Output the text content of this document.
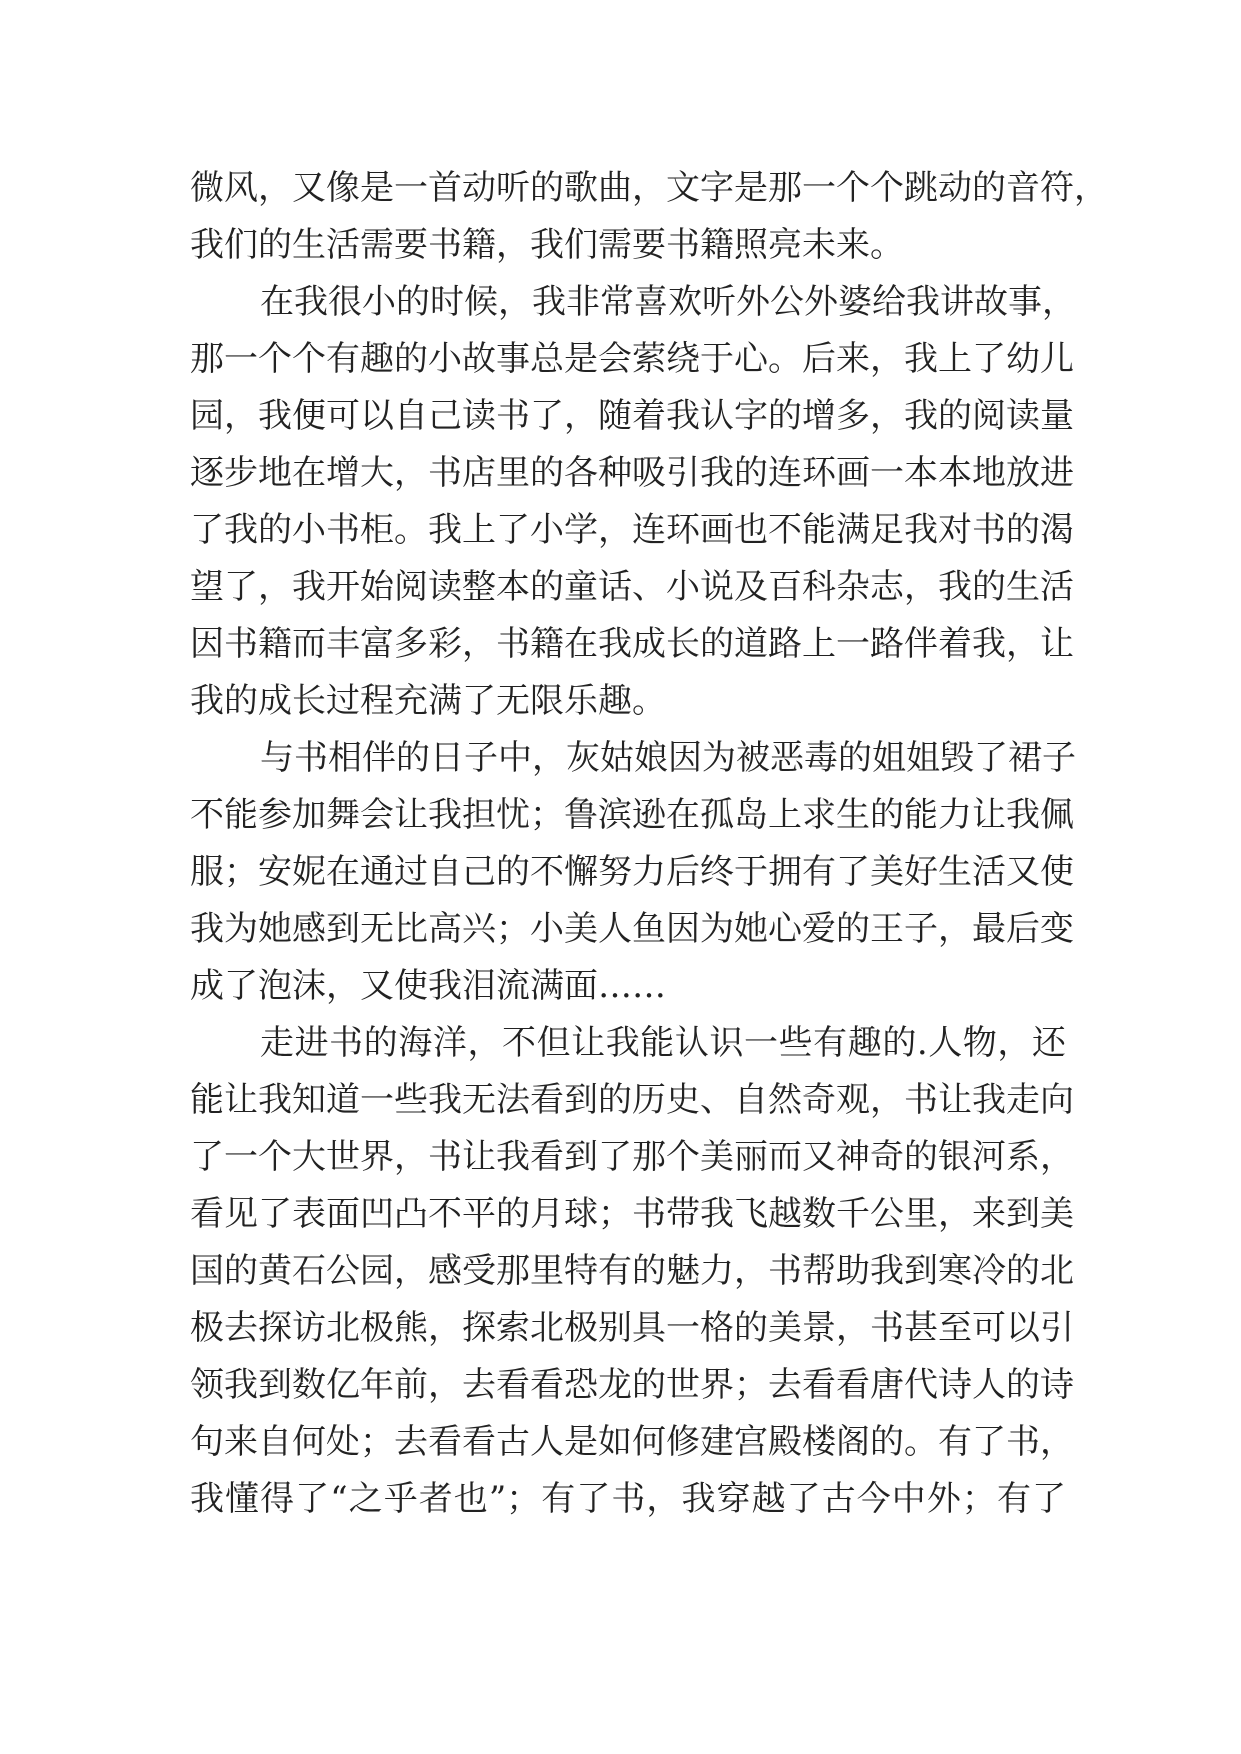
微风，又像是一首动听的歌曲，文字是那一个个跳动的音符，
我们的生活需要书籍，我们需要书籍照亮未来。
在我很小的时候，我非常喜欢听外公外婆给我讲故事，
那一个个有趣的小故事总是会萦绕于心。后来，我上了幼儿
园，我便可以自己读书了，随着我认字的增多，我的阅读量
逐步地在增大，书店里的各种吸引我的连环画一本本地放进
了我的小书柜。我上了小学，连环画也不能满足我对书的渴
望了，我开始阅读整本的童话、小说及百科杂志，我的生活
因书籍而丰富多彩，书籍在我成长的道路上一路伴着我，让
我的成长过程充满了无限乐趣。
与书相伴的日子中，灰姑娘因为被恶毒的姐姐毁了裙子
不能参加舞会让我担忧；鲁滨逊在孤岛上求生的能力让我佩
服；安妮在通过自己的不懈努力后终于拥有了美好生活又使
我为她感到无比高兴；小美人鱼因为她心爱的王子，最后变
成了泡沫，又使我泪流满面……
走进书的海洋，不但让我能认识一些有趣的.人物，还
能让我知道一些我无法看到的历史、自然奇观，书让我走向
了一个大世界，书让我看到了那个美丽而又神奇的银河系，
看见了表面凹凸不平的月球；书带我飞越数千公里，来到美
国的黄石公园，感受那里特有的魅力，书帮助我到寒冷的北
极去探访北极熊，探索北极别具一格的美景，书甚至可以引
领我到数亿年前，去看看恐龙的世界；去看看唐代诗人的诗
句来自何处；去看看古人是如何修建宫殿楼阁的。有了书，
我懂得了“之乎者也”；有了书，我穿越了古今中外；有了
